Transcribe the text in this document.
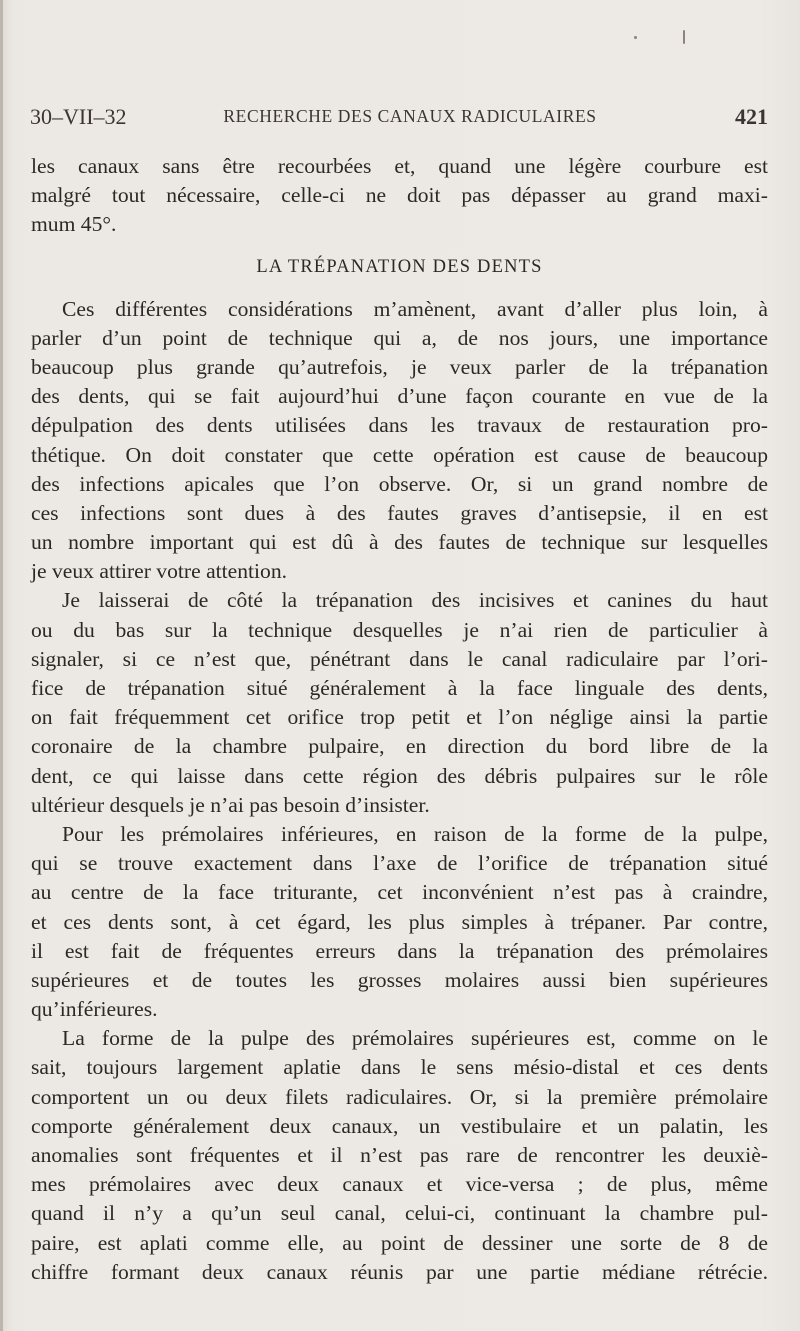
30–VII–32	RECHERCHE DES CANAUX RADICULAIRES	421
les canaux sans être recourbées et, quand une légère courbure est
malgré tout nécessaire, celle-ci ne doit pas dépasser au grand maxi-
mum 45°.
LA TRÉPANATION DES DENTS
Ces différentes considérations m’amènent, avant d’aller plus loin, à
parler d’un point de technique qui a, de nos jours, une importance
beaucoup plus grande qu’autrefois, je veux parler de la trépanation
des dents, qui se fait aujourd’hui d’une façon courante en vue de la
dépulpation des dents utilisées dans les travaux de restauration pro-
thétique. On doit constater que cette opération est cause de beaucoup
des infections apicales que l’on observe. Or, si un grand nombre de
ces infections sont dues à des fautes graves d’antisepsie, il en est
un nombre important qui est dû à des fautes de technique sur lesquelles
je veux attirer votre attention.
Je laisserai de côté la trépanation des incisives et canines du haut
ou du bas sur la technique desquelles je n’ai rien de particulier à
signaler, si ce n’est que, pénétrant dans le canal radiculaire par l’ori-
fice de trépanation situé généralement à la face linguale des dents,
on fait fréquemment cet orifice trop petit et l’on néglige ainsi la partie
coronaire de la chambre pulpaire, en direction du bord libre de la
dent, ce qui laisse dans cette région des débris pulpaires sur le rôle
ultérieur desquels je n’ai pas besoin d’insister.
Pour les prémolaires inférieures, en raison de la forme de la pulpe,
qui se trouve exactement dans l’axe de l’orifice de trépanation situé
au centre de la face triturante, cet inconvénient n’est pas à craindre,
et ces dents sont, à cet égard, les plus simples à trépaner. Par contre,
il est fait de fréquentes erreurs dans la trépanation des prémolaires
supérieures et de toutes les grosses molaires aussi bien supérieures
qu’inférieures.
La forme de la pulpe des prémolaires supérieures est, comme on le
sait, toujours largement aplatie dans le sens mésio-distal et ces dents
comportent un ou deux filets radiculaires. Or, si la première prémolaire
comporte généralement deux canaux, un vestibulaire et un palatin, les
anomalies sont fréquentes et il n’est pas rare de rencontrer les deuxiè-
mes prémolaires avec deux canaux et vice-versa ; de plus, même
quand il n’y a qu’un seul canal, celui-ci, continuant la chambre pul-
paire, est aplati comme elle, au point de dessiner une sorte de 8 de
chiffre formant deux canaux réunis par une partie médiane rétrécie.
